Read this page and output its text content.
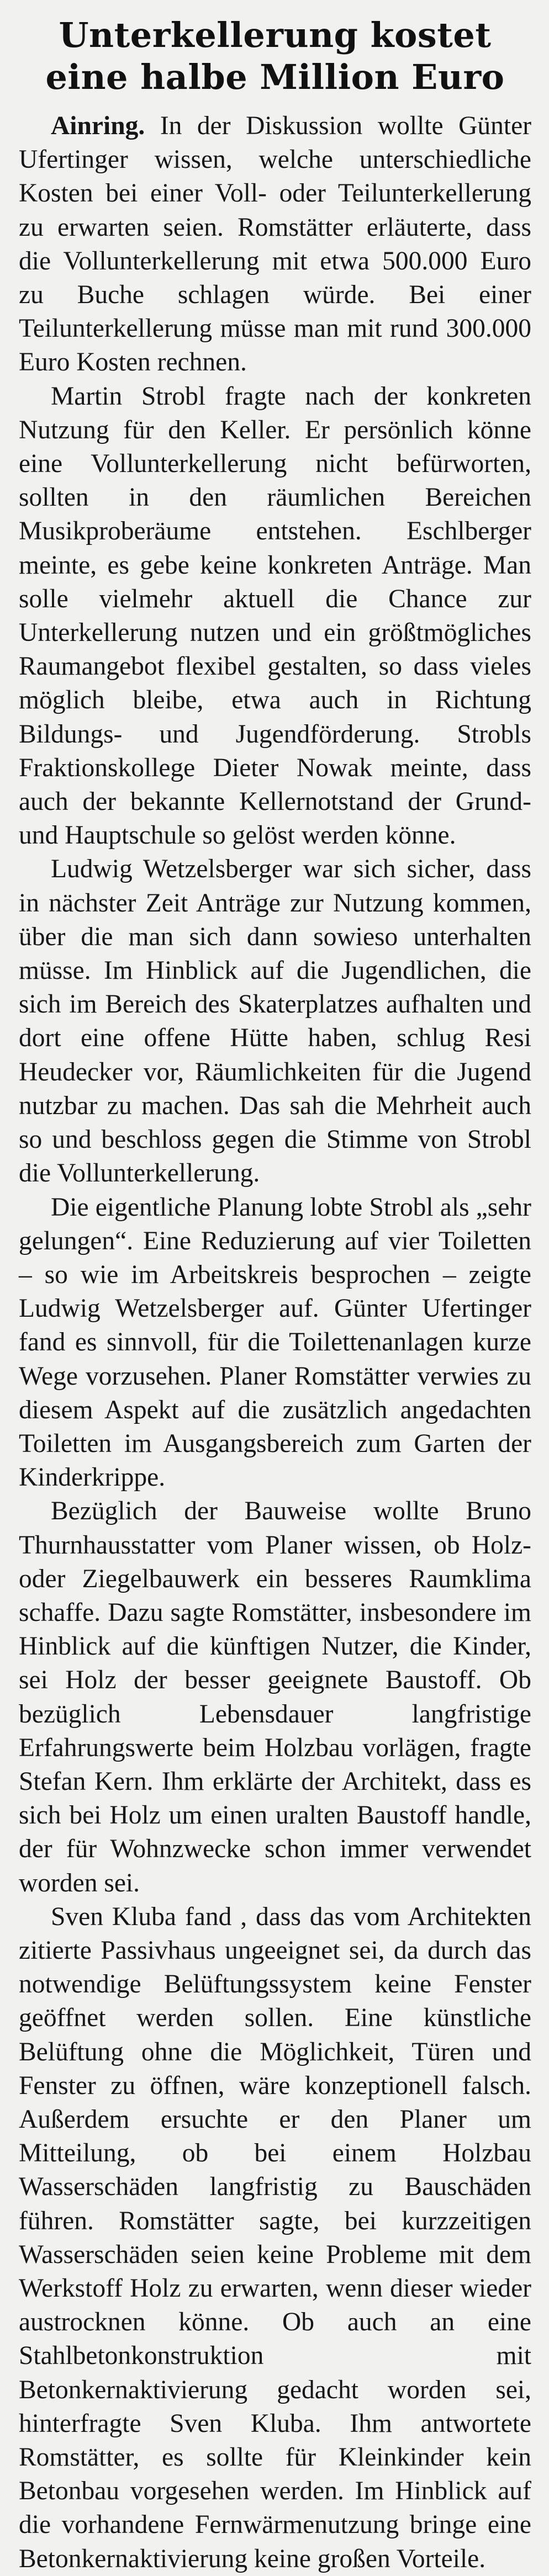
Unterkellerung kostet
eine halbe Million Euro

Ainring. In der Diskussion wollte Günter Ufertinger wissen, welche unterschiedliche Kosten bei einer Voll- oder Teilunterkellerung zu erwarten seien. Romstätter erläuterte, dass die Vollunterkellerung mit etwa 500.000 Euro zu Buche schlagen würde. Bei einer Teilunterkellerung müsse man mit rund 300.000 Euro Kosten rechnen.

Martin Strobl fragte nach der konkreten Nutzung für den Keller. Er persönlich könne eine Vollunterkellerung nicht befürworten, sollten in den räumlichen Bereichen Musikproberäume entstehen. Eschlberger meinte, es gebe keine konkreten Anträge. Man solle vielmehr aktuell die Chance zur Unterkellerung nutzen und ein größtmögliches Raumangebot flexibel gestalten, so dass vieles möglich bleibe, etwa auch in Richtung Bildungs- und Jugendförderung. Strobls Fraktionskollege Dieter Nowak meinte, dass auch der bekannte Kellernotstand der Grund- und Hauptschule so gelöst werden könne.

Ludwig Wetzelsberger war sich sicher, dass in nächster Zeit Anträge zur Nutzung kommen, über die man sich dann sowieso unterhalten müsse. Im Hinblick auf die Jugendlichen, die sich im Bereich des Skaterplatzes aufhalten und dort eine offene Hütte haben, schlug Resi Heudecker vor, Räumlichkeiten für die Jugend nutzbar zu machen. Das sah die Mehrheit auch so und beschloss gegen die Stimme von Strobl die Vollunterkellerung.

Die eigentliche Planung lobte Strobl als „sehr gelungen“. Eine Reduzierung auf vier Toiletten – so wie im Arbeitskreis besprochen – zeigte Ludwig Wetzelsberger auf. Günter Ufertinger fand es sinnvoll, für die Toilettenanlagen kurze Wege vorzusehen. Planer Romstätter verwies zu diesem Aspekt auf die zusätzlich angedachten Toiletten im Ausgangsbereich zum Garten der Kinderkrippe.

Bezüglich der Bauweise wollte Bruno Thurnhausstatter vom Planer wissen, ob Holz- oder Ziegelbauwerk ein besseres Raumklima schaffe. Dazu sagte Romstätter, insbesondere im Hinblick auf die künftigen Nutzer, die Kinder, sei Holz der besser geeignete Baustoff. Ob bezüglich Lebensdauer langfristige Erfahrungswerte beim Holzbau vorlägen, fragte Stefan Kern. Ihm erklärte der Architekt, dass es sich bei Holz um einen uralten Baustoff handle, der für Wohnzwecke schon immer verwendet worden sei.

Sven Kluba fand , dass das vom Architekten zitierte Passivhaus ungeeignet sei, da durch das notwendige Belüftungssystem keine Fenster geöffnet werden sollen. Eine künstliche Belüftung ohne die Möglichkeit, Türen und Fenster zu öffnen, wäre konzeptionell falsch. Außerdem ersuchte er den Planer um Mitteilung, ob bei einem Holzbau Wasserschäden langfristig zu Bauschäden führen. Romstätter sagte, bei kurzzeitigen Wasserschäden seien keine Probleme mit dem Werkstoff Holz zu erwarten, wenn dieser wieder austrocknen könne. Ob auch an eine Stahlbetonkonstruktion mit Betonkernaktivierung gedacht worden sei, hinterfragte Sven Kluba. Ihm antwortete Romstätter, es sollte für Kleinkinder kein Betonbau vorgesehen werden. Im Hinblick auf die vorhandene Fernwärmenutzung bringe eine Betonkernaktivierung keine großen Vorteile.
